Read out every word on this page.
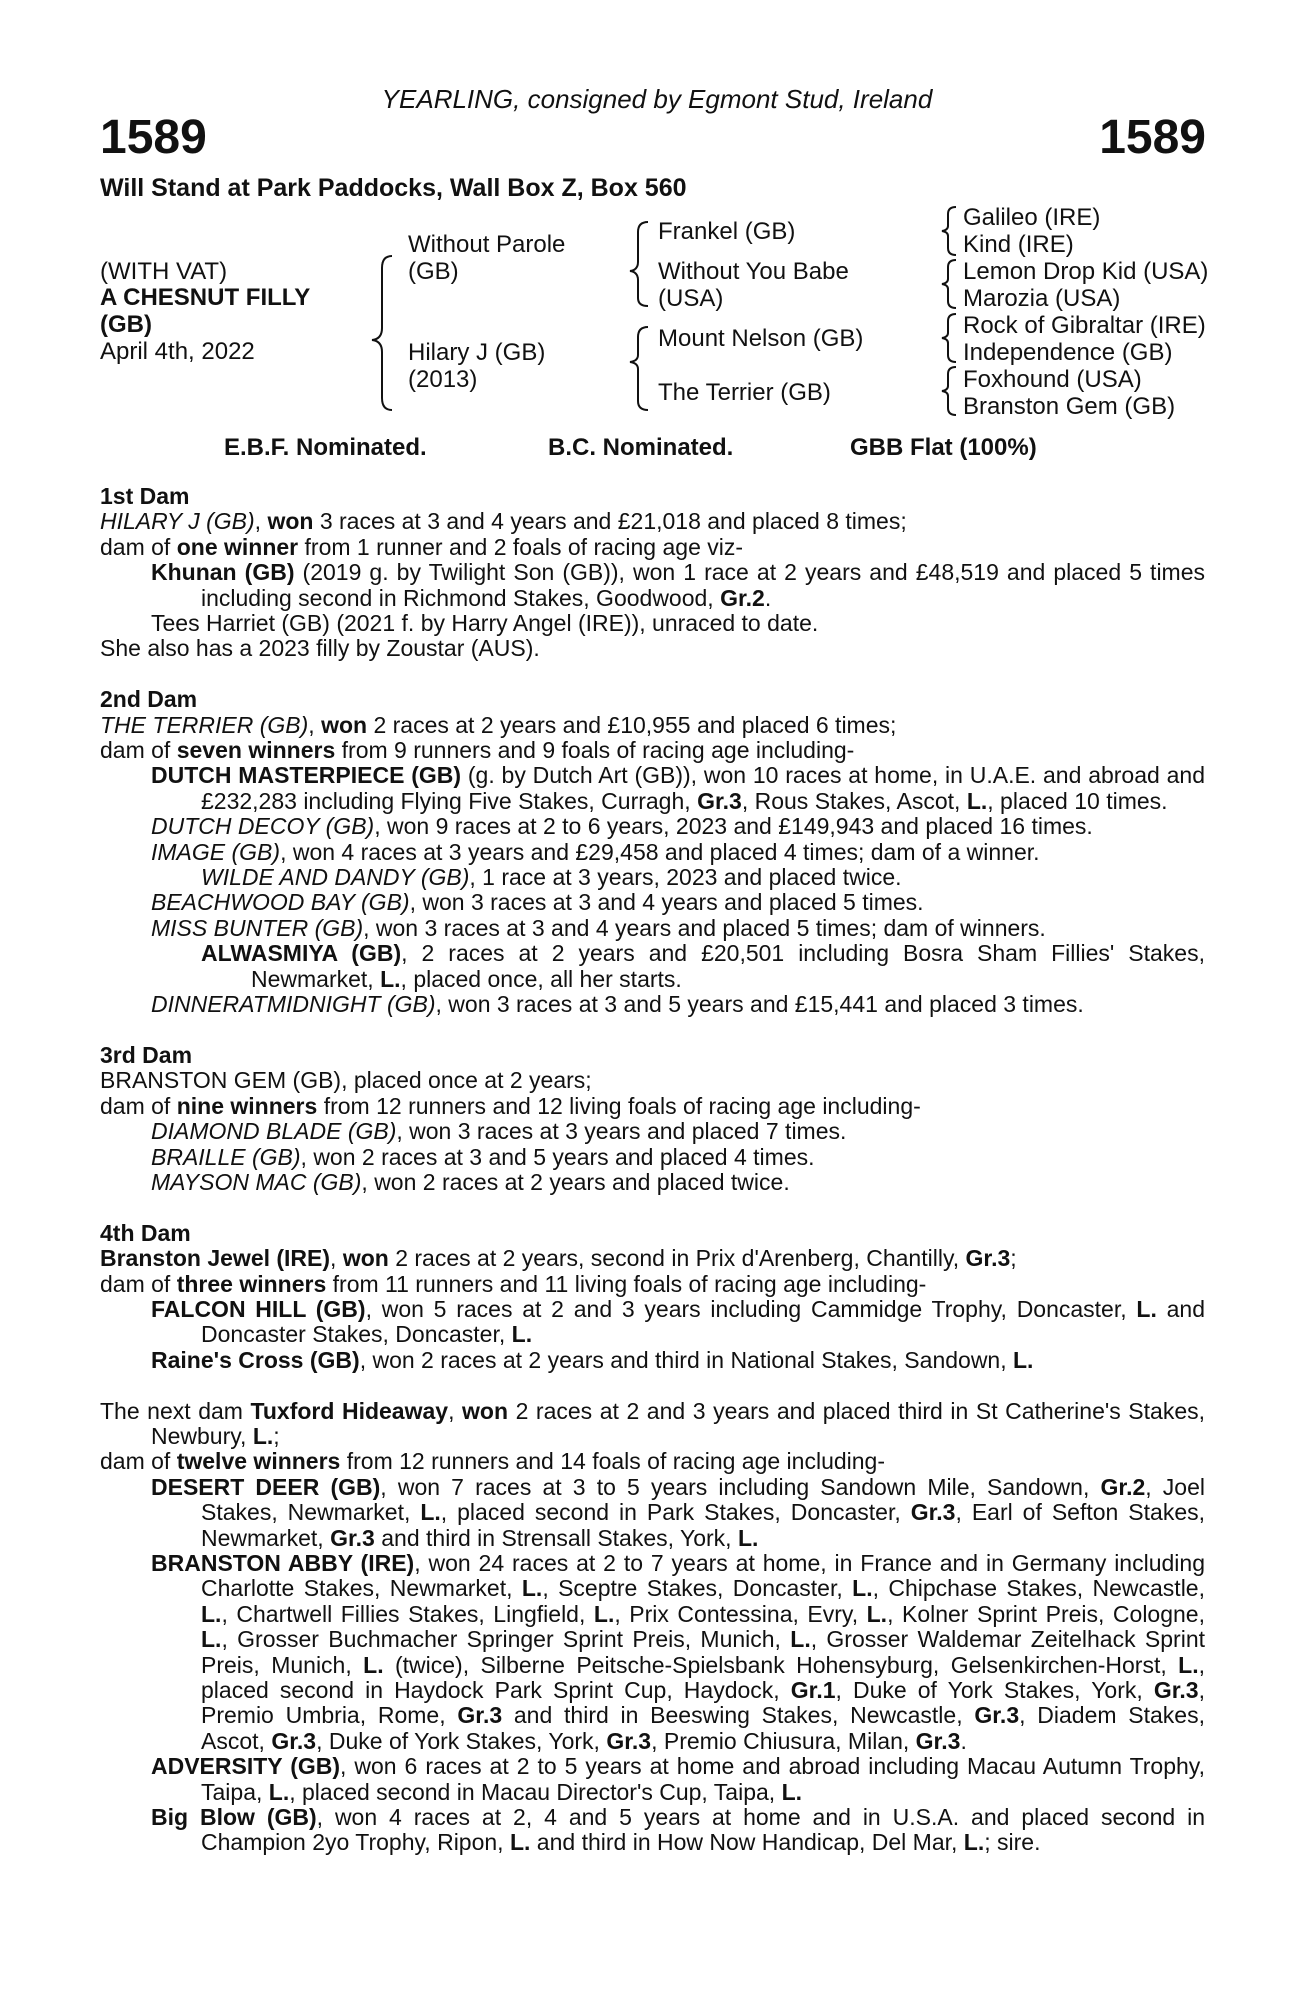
YEARLING, consigned by Egmont Stud, Ireland
1589	1589
Will Stand at Park Paddocks, Wall Box Z, Box 560
(WITH VAT)
A CHESNUT FILLY
(GB)
April 4th, 2022
Without Parole
(GB)
Hilary J (GB)
(2013)
Frankel (GB)
Without You Babe
(USA)
Mount Nelson (GB)
The Terrier (GB)
Galileo (IRE)
Kind (IRE)
Lemon Drop Kid (USA)
Marozia (USA)
Rock of Gibraltar (IRE)
Independence (GB)
Foxhound (USA)
Branston Gem (GB)
E.B.F. Nominated.	B.C. Nominated.	GBB Flat (100%)

1st Dam

HILARY J (GB), won 3 races at 3 and 4 years and £21,018 and placed 8 times;

dam of one winner from 1 runner and 2 foals of racing age viz-

Khunan (GB) (2019 g. by Twilight Son (GB)), won 1 race at 2 years and £48,519 and placed 5 times including second in Richmond Stakes, Goodwood, Gr.2.

Tees Harriet (GB) (2021 f. by Harry Angel (IRE)), unraced to date.

She also has a 2023 filly by Zoustar (AUS).

2nd Dam

THE TERRIER (GB), won 2 races at 2 years and £10,955 and placed 6 times;

dam of seven winners from 9 runners and 9 foals of racing age including-

DUTCH MASTERPIECE (GB) (g. by Dutch Art (GB)), won 10 races at home, in U.A.E. and abroad and £232,283 including Flying Five Stakes, Curragh, Gr.3, Rous Stakes, Ascot, L., placed 10 times.

DUTCH DECOY (GB), won 9 races at 2 to 6 years, 2023 and £149,943 and placed 16 times.

IMAGE (GB), won 4 races at 3 years and £29,458 and placed 4 times; dam of a winner.

WILDE AND DANDY (GB), 1 race at 3 years, 2023 and placed twice.

BEACHWOOD BAY (GB), won 3 races at 3 and 4 years and placed 5 times.

MISS BUNTER (GB), won 3 races at 3 and 4 years and placed 5 times; dam of winners.

ALWASMIYA (GB), 2 races at 2 years and £20,501 including Bosra Sham Fillies' Stakes, Newmarket, L., placed once, all her starts.

DINNERATMIDNIGHT (GB), won 3 races at 3 and 5 years and £15,441 and placed 3 times.

3rd Dam

BRANSTON GEM (GB), placed once at 2 years;

dam of nine winners from 12 runners and 12 living foals of racing age including-

DIAMOND BLADE (GB), won 3 races at 3 years and placed 7 times.

BRAILLE (GB), won 2 races at 3 and 5 years and placed 4 times.

MAYSON MAC (GB), won 2 races at 2 years and placed twice.

4th Dam

Branston Jewel (IRE), won 2 races at 2 years, second in Prix d'Arenberg, Chantilly, Gr.3;

dam of three winners from 11 runners and 11 living foals of racing age including-

FALCON HILL (GB), won 5 races at 2 and 3 years including Cammidge Trophy, Doncaster, L. and Doncaster Stakes, Doncaster, L.

Raine's Cross (GB), won 2 races at 2 years and third in National Stakes, Sandown, L.

The next dam Tuxford Hideaway, won 2 races at 2 and 3 years and placed third in St Catherine's Stakes, Newbury, L.;

dam of twelve winners from 12 runners and 14 foals of racing age including-

DESERT DEER (GB), won 7 races at 3 to 5 years including Sandown Mile, Sandown, Gr.2, Joel Stakes, Newmarket, L., placed second in Park Stakes, Doncaster, Gr.3, Earl of Sefton Stakes, Newmarket, Gr.3 and third in Strensall Stakes, York, L.

BRANSTON ABBY (IRE), won 24 races at 2 to 7 years at home, in France and in Germany including Charlotte Stakes, Newmarket, L., Sceptre Stakes, Doncaster, L., Chipchase Stakes, Newcastle, L., Chartwell Fillies Stakes, Lingfield, L., Prix Contessina, Evry, L., Kolner Sprint Preis, Cologne, L., Grosser Buchmacher Springer Sprint Preis, Munich, L., Grosser Waldemar Zeitelhack Sprint Preis, Munich, L. (twice), Silberne Peitsche-Spielsbank Hohensyburg, Gelsenkirchen-Horst, L., placed second in Haydock Park Sprint Cup, Haydock, Gr.1, Duke of York Stakes, York, Gr.3, Premio Umbria, Rome, Gr.3 and third in Beeswing Stakes, Newcastle, Gr.3, Diadem Stakes, Ascot, Gr.3, Duke of York Stakes, York, Gr.3, Premio Chiusura, Milan, Gr.3.

ADVERSITY (GB), won 6 races at 2 to 5 years at home and abroad including Macau Autumn Trophy, Taipa, L., placed second in Macau Director's Cup, Taipa, L.

Big Blow (GB), won 4 races at 2, 4 and 5 years at home and in U.S.A. and placed second in Champion 2yo Trophy, Ripon, L. and third in How Now Handicap, Del Mar, L.; sire.
